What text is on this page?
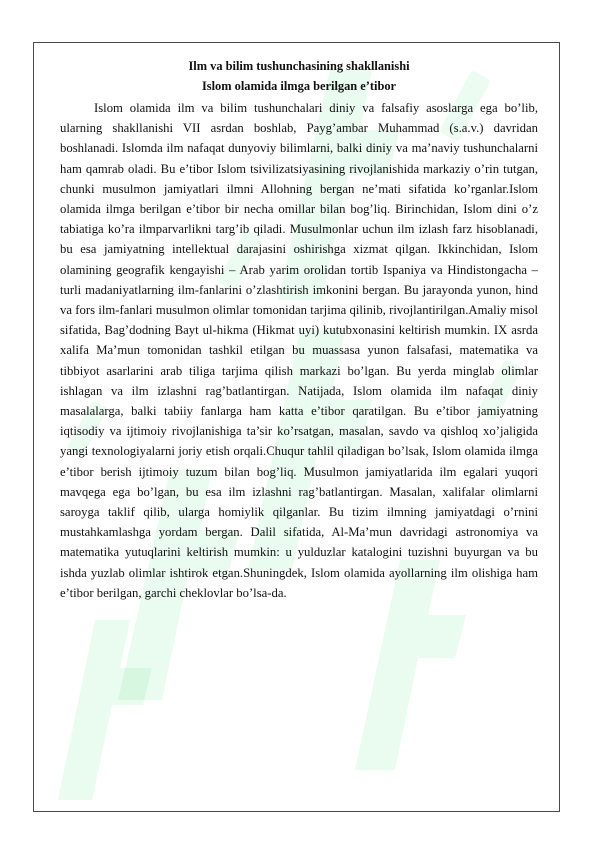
Ilm va bilim tushunchasining shakllanishi

Islom olamida ilmga berilgan e’tibor

Islom olamida ilm va bilim tushunchalari diniy va falsafiy asoslarga ega bo’lib, ularning shakllanishi VII asrdan boshlab, Payg’ambar Muhammad (s.a.v.) davridan boshlanadi. Islomda ilm nafaqat dunyoviy bilimlarni, balki diniy va ma’naviy tushunchalarni ham qamrab oladi. Bu e’tibor Islom tsivilizatsiyasining rivojlanishida markaziy o’rin tutgan, chunki musulmon jamiyatlari ilmni Allohning bergan ne’mati sifatida ko’rganlar.Islom olamida ilmga berilgan e’tibor bir necha omillar bilan bog’liq. Birinchidan, Islom dini o’z tabiatiga ko’ra ilmparvarlikni targ’ib qiladi. Musulmonlar uchun ilm izlash farz hisoblanadi, bu esa jamiyatning intellektual darajasini oshirishga xizmat qilgan. Ikkinchidan, Islom olamining geografik kengayishi – Arab yarim orolidan tortib Ispaniya va Hindistongacha – turli madaniyatlarning ilm-fanlarini o’zlashtirish imkonini bergan. Bu jarayonda yunon, hind va fors ilm-fanlari musulmon olimlar tomonidan tarjima qilinib, rivojlantirilgan.Amaliy misol sifatida, Bag’dodning Bayt ul-hikma (Hikmat uyi) kutubxonasini keltirish mumkin. IX asrda xalifa Ma’mun tomonidan tashkil etilgan bu muassasa yunon falsafasi, matematika va tibbiyot asarlarini arab tiliga tarjima qilish markazi bo’lgan. Bu yerda minglab olimlar ishlagan va ilm izlashni rag’batlantirgan. Natijada, Islom olamida ilm nafaqat diniy masalalarga, balki tabiiy fanlarga ham katta e’tibor qaratilgan. Bu e’tibor jamiyatning iqtisodiy va ijtimoiy rivojlanishiga ta’sir ko’rsatgan, masalan, savdo va qishloq xo’jaligida yangi texnologiyalarni joriy etish orqali.Chuqur tahlil qiladigan bo’lsak, Islom olamida ilmga e’tibor berish ijtimoiy tuzum bilan bog’liq. Musulmon jamiyatlarida ilm egalari yuqori mavqega ega bo’lgan, bu esa ilm izlashni rag’batlantirgan. Masalan, xalifalar olimlarni saroyga taklif qilib, ularga homiylik qilganlar. Bu tizim ilmning jamiyatdagi o’rnini mustahkamlashga yordam bergan. Dalil sifatida, Al-Ma’mun davridagi astronomiya va matematika yutuqlarini keltirish mumkin: u yulduzlar katalogini tuzishni buyurgan va bu ishda yuzlab olimlar ishtirok etgan.Shuningdek, Islom olamida ayollarning ilm olishiga ham e’tibor berilgan, garchi cheklovlar bo’lsa-da.
